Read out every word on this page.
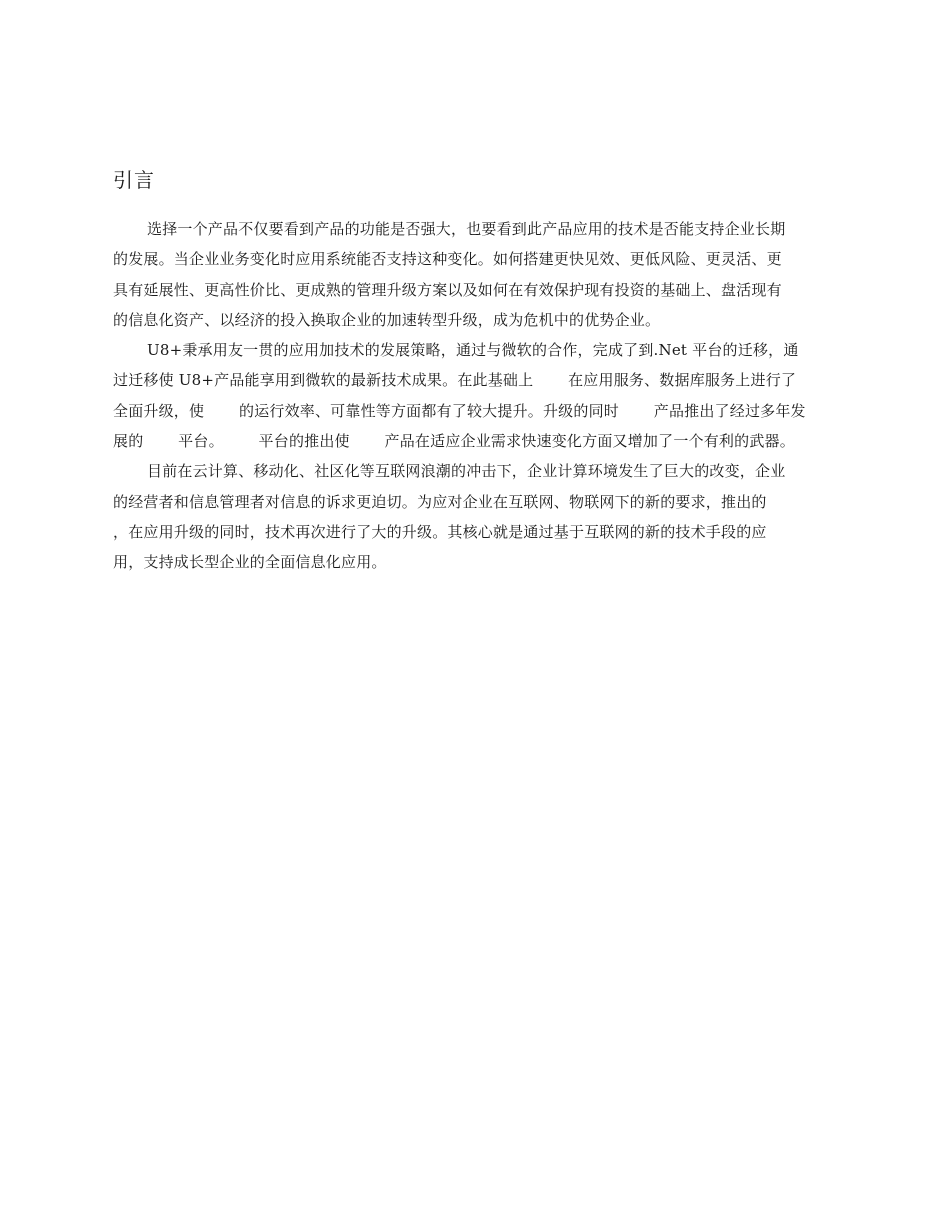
引言
选择一个产品不仅要看到产品的功能是否强大，也要看到此产品应用的技术是否能支持企业长期
的发展。当企业业务变化时应用系统能否支持这种变化。如何搭建更快见效、更低风险、更灵活、更
具有延展性、更高性价比、更成熟的管理升级方案以及如何在有效保护现有投资的基础上、盘活现有
的信息化资产、以经济的投入换取企业的加速转型升级，成为危机中的优势企业。
U8+秉承用友一贯的应用加技术的发展策略，通过与微软的合作，完成了到.Net 平台的迁移，通
过迁移使 U8+产品能享用到微软的最新技术成果。在此基础上       在应用服务、数据库服务上进行了
全面升级，使       的运行效率、可靠性等方面都有了较大提升。升级的同时       产品推出了经过多年发
展的       平台。       平台的推出使       产品在适应企业需求快速变化方面又增加了一个有利的武器。
目前在云计算、移动化、社区化等互联网浪潮的冲击下，企业计算环境发生了巨大的改变，企业
的经营者和信息管理者对信息的诉求更迫切。为应对企业在互联网、物联网下的新的要求，推出的
，在应用升级的同时，技术再次进行了大的升级。其核心就是通过基于互联网的新的技术手段的应
用，支持成长型企业的全面信息化应用。
